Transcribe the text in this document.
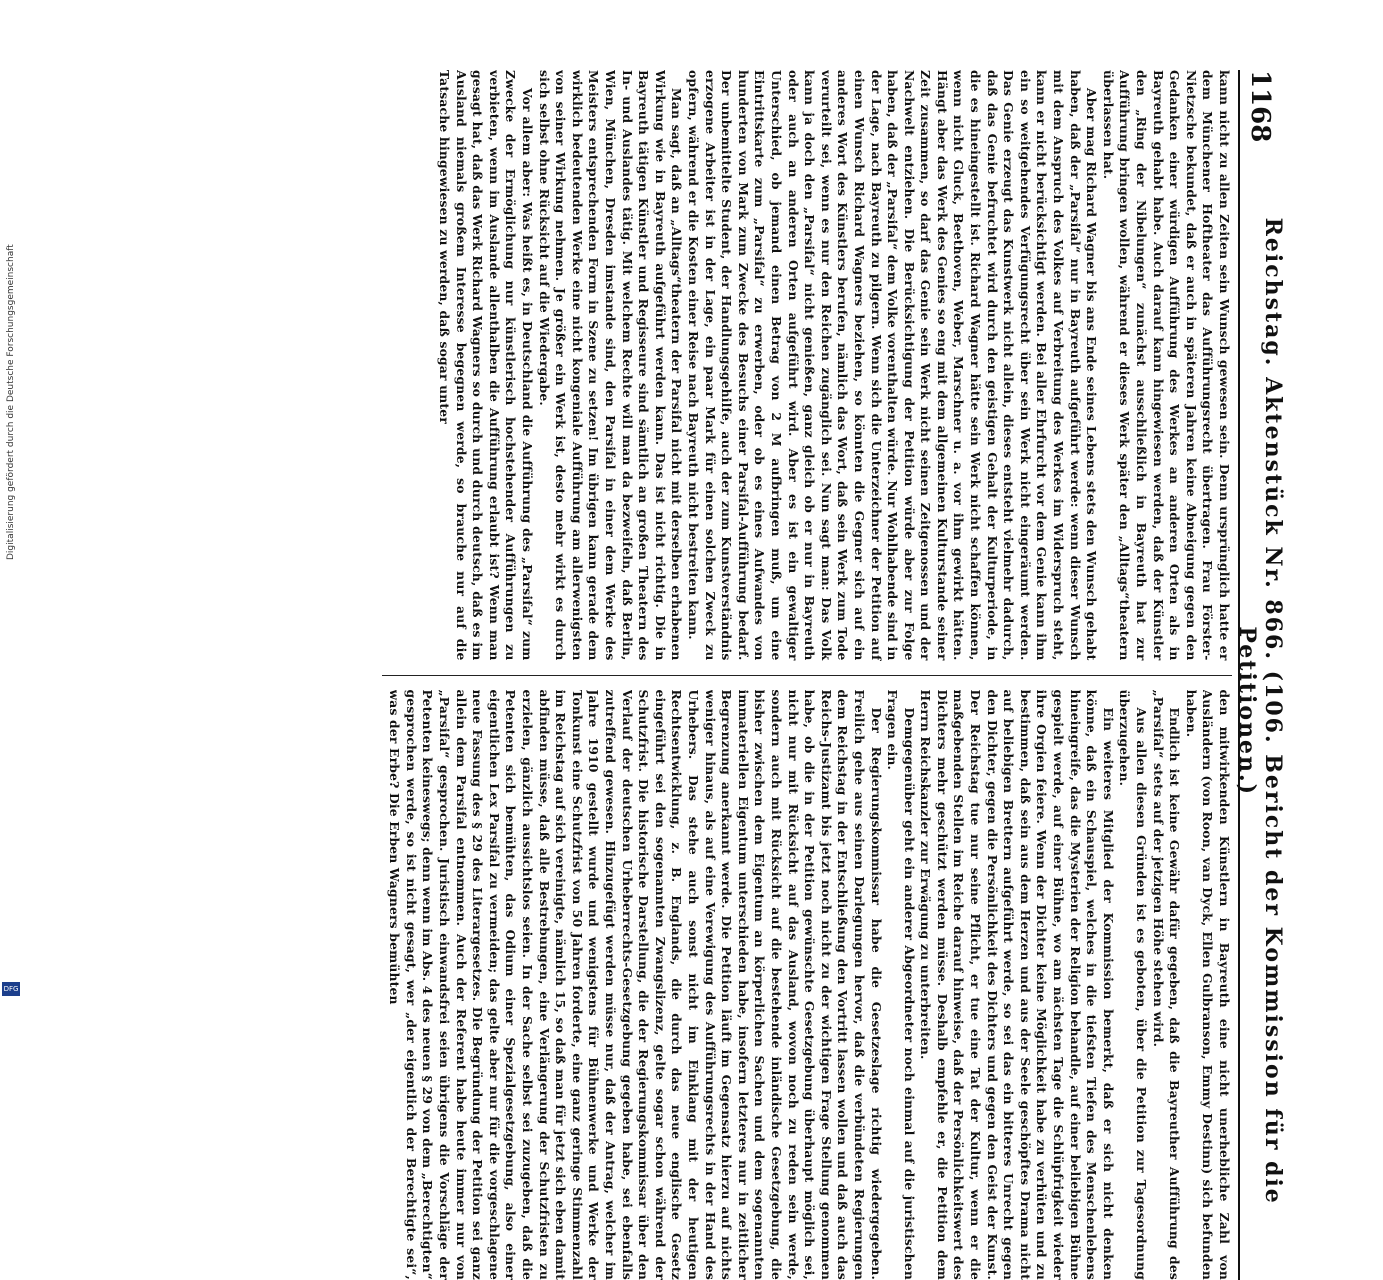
1168
Reichstag. Aktenstück Nr. 866. (106. Bericht der Kommission für die Petitionen.)

kann nicht zu allen Zeiten sein Wunsch gewesen sein. Denn ursprünglich hatte er dem Münchener Hoftheater das Aufführungsrecht übertragen. Frau Förster-Nietzsche bekundet, daß er auch in späteren Jahren keine Abneigung gegen den Gedanken einer würdigen Aufführung des Werkes an anderen Orten als in Bayreuth gehabt habe. Auch darauf kann hingewiesen werden, daß der Künstler den „Ring der Nibelungen“ zunächst ausschließlich in Bayreuth hat zur Aufführung bringen wollen, während er dieses Werk später den „Alltags“theatern überlassen hat.

Aber mag Richard Wagner bis ans Ende seines Lebens stets den Wunsch gehabt haben, daß der „Parsifal“ nur in Bayreuth aufgeführt werde: wenn dieser Wunsch mit dem Anspruch des Volkes auf Verbreitung des Werkes im Widerspruch steht, kann er nicht berücksichtigt werden. Bei aller Ehrfurcht vor dem Genie kann ihm ein so weitgehendes Verfügungsrecht über sein Werk nicht eingeräumt werden. Das Genie erzeugt das Kunstwerk nicht allein, dieses entsteht vielmehr dadurch, daß das Genie befruchtet wird durch den geistigen Gehalt der Kulturperiode, in die es hineingestellt ist. Richard Wagner hätte sein Werk nicht schaffen können, wenn nicht Gluck, Beethoven, Weber, Marschner u. a. vor ihm gewirkt hätten. Hängt aber das Werk des Genies so eng mit dem allgemeinen Kulturstande seiner Zeit zusammen, so darf das Genie sein Werk nicht seinen Zeitgenossen und der Nachwelt entziehen. Die Berücksichtigung der Petition würde aber zur Folge haben, daß der „Parsifal“ dem Volke vorenthalten würde. Nur Wohlhabende sind in der Lage, nach Bayreuth zu pilgern. Wenn sich die Unterzeichner der Petition auf einen Wunsch Richard Wagners beziehen, so könnten die Gegner sich auf ein anderes Wort des Künstlers berufen, nämlich das Wort, daß sein Werk zum Tode verurteilt sei, wenn es nur den Reichen zugänglich sei. Nun sagt man: Das Volk kann ja doch den „Parsifal“ nicht genießen, ganz gleich ob er nur in Bayreuth oder auch an anderen Orten aufgeführt wird. Aber es ist ein gewaltiger Unterschied, ob jemand einen Betrag von 2 M aufbringen muß, um eine Eintrittskarte zum „Parsifal“ zu erwerben, oder ob es eines Aufwandes von hunderten von Mark zum Zwecke des Besuchs einer Parsifal-Aufführung bedarf. Der unbemittelte Student, der Handlungsgehilfe, auch der zum Kunstverständnis erzogene Arbeiter ist in der Lage, ein paar Mark für einen solchen Zweck zu opfern, während er die Kosten einer Reise nach Bayreuth nicht bestreiten kann.

Man sagt, daß an „Alltags“theatern der Parsifal nicht mit derselben erhabenen Wirkung wie in Bayreuth aufgeführt werden kann. Das ist nicht richtig. Die in Bayreuth tätigen Künstler und Regisseure sind sämtlich an großen Theatern des In- und Auslandes tätig. Mit welchem Rechte will man da bezweifeln, daß Berlin, Wien, München, Dresden imstande sind, den Parsifal in einer dem Werke des Meisters entsprechenden Form in Szene zu setzen! Im übrigen kann gerade dem wirklich bedeutenden Werke eine nicht kongeniale Aufführung am allerwenigsten von seiner Wirkung nehmen. Je größer ein Werk ist, desto mehr wirkt es durch sich selbst ohne Rücksicht auf die Wiedergabe.

Vor allem aber: Was heißt es, in Deutschland die Aufführung des „Parsifal“ zum Zwecke der Ermöglichung nur künstlerisch hochstehender Aufführungen zu verbieten, wenn im Auslande allenthalben die Aufführung erlaubt ist? Wenn man gesagt hat, daß das Werk Richard Wagners so durch und durch deutsch, daß es im Ausland niemals großem Interesse begegnen werde, so brauche nur auf die Tatsache hingewiesen zu werden, daß sogar unter

den mitwirkenden Künstlern in Bayreuth eine nicht unerhebliche Zahl von Ausländern (von Roon, van Dyck, Ellen Gulbranson, Emmy Destinn) sich befunden haben.

Endlich ist keine Gewähr dafür gegeben, daß die Bayreuther Aufführung des „Parsifal“ stets auf der jetzigen Höhe stehen wird.

Aus allen diesen Gründen ist es geboten, über die Petition zur Tagesordnung überzugehen.

Ein weiteres Mitglied der Kommission bemerkt, daß er sich nicht denken könne, daß ein Schauspiel, welches in die tiefsten Tiefen des Menschenlebens hineingreife, das die Mysterien der Religion behandle, auf einer beliebigen Bühne gespielt werde, auf einer Bühne, wo am nächsten Tage die Schlüpfrigkeit wieder ihre Orgien feiere. Wenn der Dichter keine Möglichkeit habe zu verhüten und zu bestimmen, daß sein aus dem Herzen und aus der Seele geschöpftes Drama nicht auf beliebigen Brettern aufgeführt werde, so sei das ein bitteres Unrecht gegen den Dichter, gegen die Persönlichkeit des Dichters und gegen den Geist der Kunst. Der Reichstag tue nur seine Pflicht, er tue eine Tat der Kultur, wenn er die maßgebenden Stellen im Reiche darauf hinweise, daß der Persönlichkeitswert des Dichters mehr geschützt werden müsse. Deshalb empfehle er, die Petition dem Herrn Reichskanzler zur Erwägung zu unterbreiten.

Demgegenüber geht ein anderer Abgeordneter noch einmal auf die juristischen Fragen ein.

Der Regierungskommissar habe die Gesetzeslage richtig wiedergegeben. Freilich gehe aus seinen Darlegungen hervor, daß die verbündeten Regierungen dem Reichstag in der Entschließung den Vortritt lassen wollen und daß auch das Reichs-Justizamt bis jetzt noch nicht zu der wichtigen Frage Stellung genommen habe, ob die in der Petition gewünschte Gesetzgebung überhaupt möglich sei, nicht nur mit Rücksicht auf das Ausland, wovon noch zu reden sein werde, sondern auch mit Rücksicht auf die bestehende inländische Gesetzgebung, die bisher zwischen dem Eigentum an körperlichen Sachen und dem sogenannten immateriellen Eigentum unterschieden habe, insofern letzteres nur in zeitlicher Begrenzung anerkannt werde. Die Petition läuft im Gegensatz hierzu auf nichts weniger hinaus, als auf eine Verewigung des Aufführungsrechts in der Hand des Urhebers. Das stehe auch sonst nicht im Einklang mit der heutigen Rechtsentwicklung, z. B. Englands, die durch das neue englische Gesetz eingeführt sei den sogenannten Zwangslizenz, gelte sogar schon während der Schutzfrist. Die historische Darstellung, die der Regierungskommissar über den Verlauf der deutschen Urheberrechts-Gesetzgebung gegeben habe, sei ebenfalls zutreffend gewesen. Hinzugefügt werden müsse nur, daß der Antrag, welcher im Jahre 1910 gestellt wurde und wenigstens für Bühnenwerke und Werke der Tonkunst eine Schutzfrist von 50 Jahren forderte, eine ganz geringe Stimmenzahl im Reichstag auf sich vereinigte, nämlich 15, so daß man für jetzt sich eben damit abfinden müsse, daß alle Bestrebungen, eine Verlängerung der Schutzfristen zu erzielen, gänzlich aussichtslos seien. In der Sache selbst sei zuzugeben, daß die Petenten sich bemühten, das Odium einer Spezialgesetzgebung, also einer eigentlichen Lex Parsifal zu vermeiden; das gelte aber nur für die vorgeschlagene neue Fassung des § 29 des Literargesetzes. Die Begründung der Petition sei ganz allein dem Parsifal entnommen. Auch der Referent habe heute immer nur von „Parsifal“ gesprochen. Juristisch einwandsfrei seien übrigens die Vorschläge der Petenten keineswegs; denn wenn im Abs. 4 des neuen § 29 von dem „Berechtigten“ gesprochen werde, so ist nicht gesagt, wer „der eigentlich der Berechtigte sei“, was der Erbe? Die Erben Wagners bemühten

Digitalisierung gefördert durch die Deutsche Forschungsgemeinschaft
DFG
